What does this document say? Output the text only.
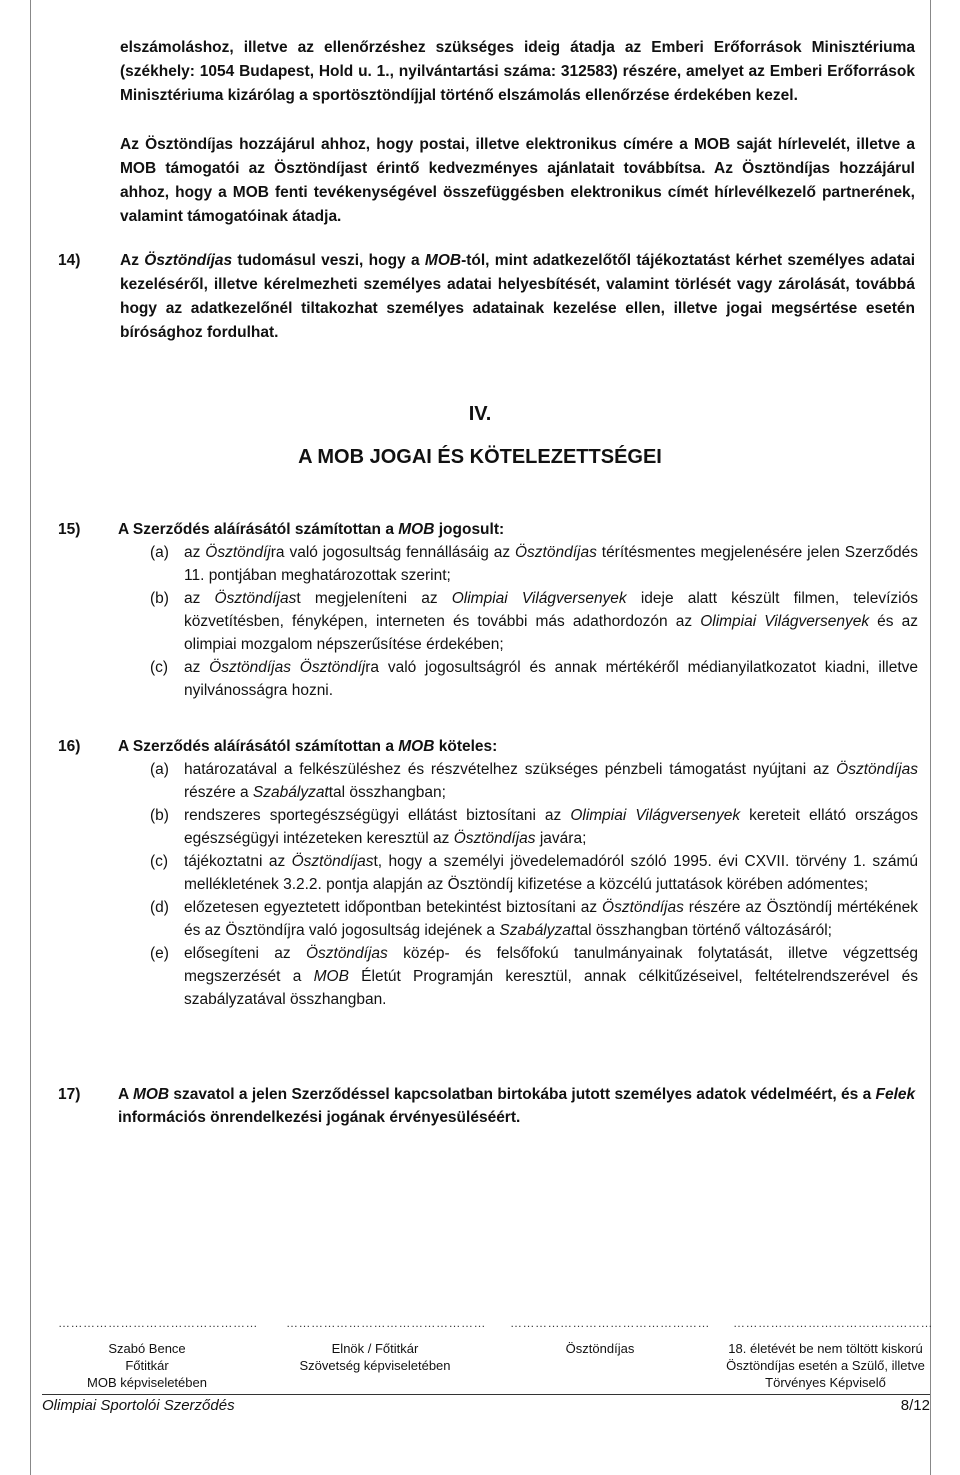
elszámoláshoz, illetve az ellenőrzéshez szükséges ideig átadja az Emberi Erőforrások Minisztériuma (székhely: 1054 Budapest, Hold u. 1., nyilvántartási száma: 312583) részére, amelyet az Emberi Erőforrások Minisztériuma kizárólag a sportösztöndíjjal történő elszámolás ellenőrzése érdekében kezel.

Az Ösztöndíjas hozzájárul ahhoz, hogy postai, illetve elektronikus címére a MOB saját hírlevelét, illetve a MOB támogatói az Ösztöndíjast érintő kedvezményes ajánlatait továbbítsa. Az Ösztöndíjas hozzájárul ahhoz, hogy a MOB fenti tevékenységével összefüggésben elektronikus címét hírlevélkezelő partnerének, valamint támogatóinak átadja.

14)	Az Ösztöndíjas tudomásul veszi, hogy a MOB-tól, mint adatkezelőtől tájékoztatást kérhet személyes adatai kezeléséről, illetve kérelmezheti személyes adatai helyesbítését, valamint törlését vagy zárolását, továbbá hogy az adatkezelőnél tiltakozhat személyes adatainak kezelése ellen, illetve jogai megsértése esetén bírósághoz fordulhat.

IV.
A MOB JOGAI ÉS KÖTELEZETTSÉGEI
15) A Szerződés aláírásától számítottan a MOB jogosult:
(a) az Ösztöndíjra való jogosultság fennállásáig az Ösztöndíjas térítésmentes megjelenésére jelen Szerződés 11. pontjában meghatározottak szerint;
(b) az Ösztöndíjast megjeleníteni az Olimpiai Világversenyek ideje alatt készült filmen, televíziós közvetítésben, fényképen, interneten és további más adathordozón az Olimpiai Világversenyek és az olimpiai mozgalom népszerűsítése érdekében;
(c) az Ösztöndíjas Ösztöndíjra való jogosultságról és annak mértékéről médianyilatkozatot kiadni, illetve nyilvánosságra hozni.
16) A Szerződés aláírásától számítottan a MOB köteles:
(a) határozatával a felkészüléshez és részvételhez szükséges pénzbeli támogatást nyújtani az Ösztöndíjas részére a Szabályzattal összhangban;
(b) rendszeres sportegészségügyi ellátást biztosítani az Olimpiai Világversenyek kereteit ellátó országos egészségügyi intézeteken keresztül az Ösztöndíjas javára;
(c) tájékoztatni az Ösztöndíjast, hogy a személyi jövedelemadóról szóló 1995. évi CXVII. törvény 1. számú mellékletének 3.2.2. pontja alapján az Ösztöndíj kifizetése a közcélú juttatások körében adómentes;
(d) előzetesen egyeztetett időpontban betekintést biztosítani az Ösztöndíjas részére az Ösztöndíj mértékének és az Ösztöndíjra való jogosultság idejének a Szabályzattal összhangban történő változásáról;
(e) elősegíteni az Ösztöndíjas közép- és felsőfokú tanulmányainak folytatását, illetve végzettség megszerzését a MOB Életút Programján keresztül, annak célkitűzéseivel, feltételrendszerével és szabályzatával összhangban.
17)	A MOB szavatol a jelen Szerződéssel kapcsolatban birtokába jutott személyes adatok védelméért, és a Felek információs önrendelkezési jogának érvényesüléséért.
………………………………………… ………………………………………… ………………………………………… …………………………………………
Szabó Bence
Főtitkár
MOB képviseletében
Elnök / Főtitkár
Szövetség képviseletében
Ösztöndíjas	18. életévét be nem töltött kiskorú
Ösztöndíjas esetén a Szülő, illetve
Törvényes Képviselő
Olimpiai Sportolói Szerződés	8/12
